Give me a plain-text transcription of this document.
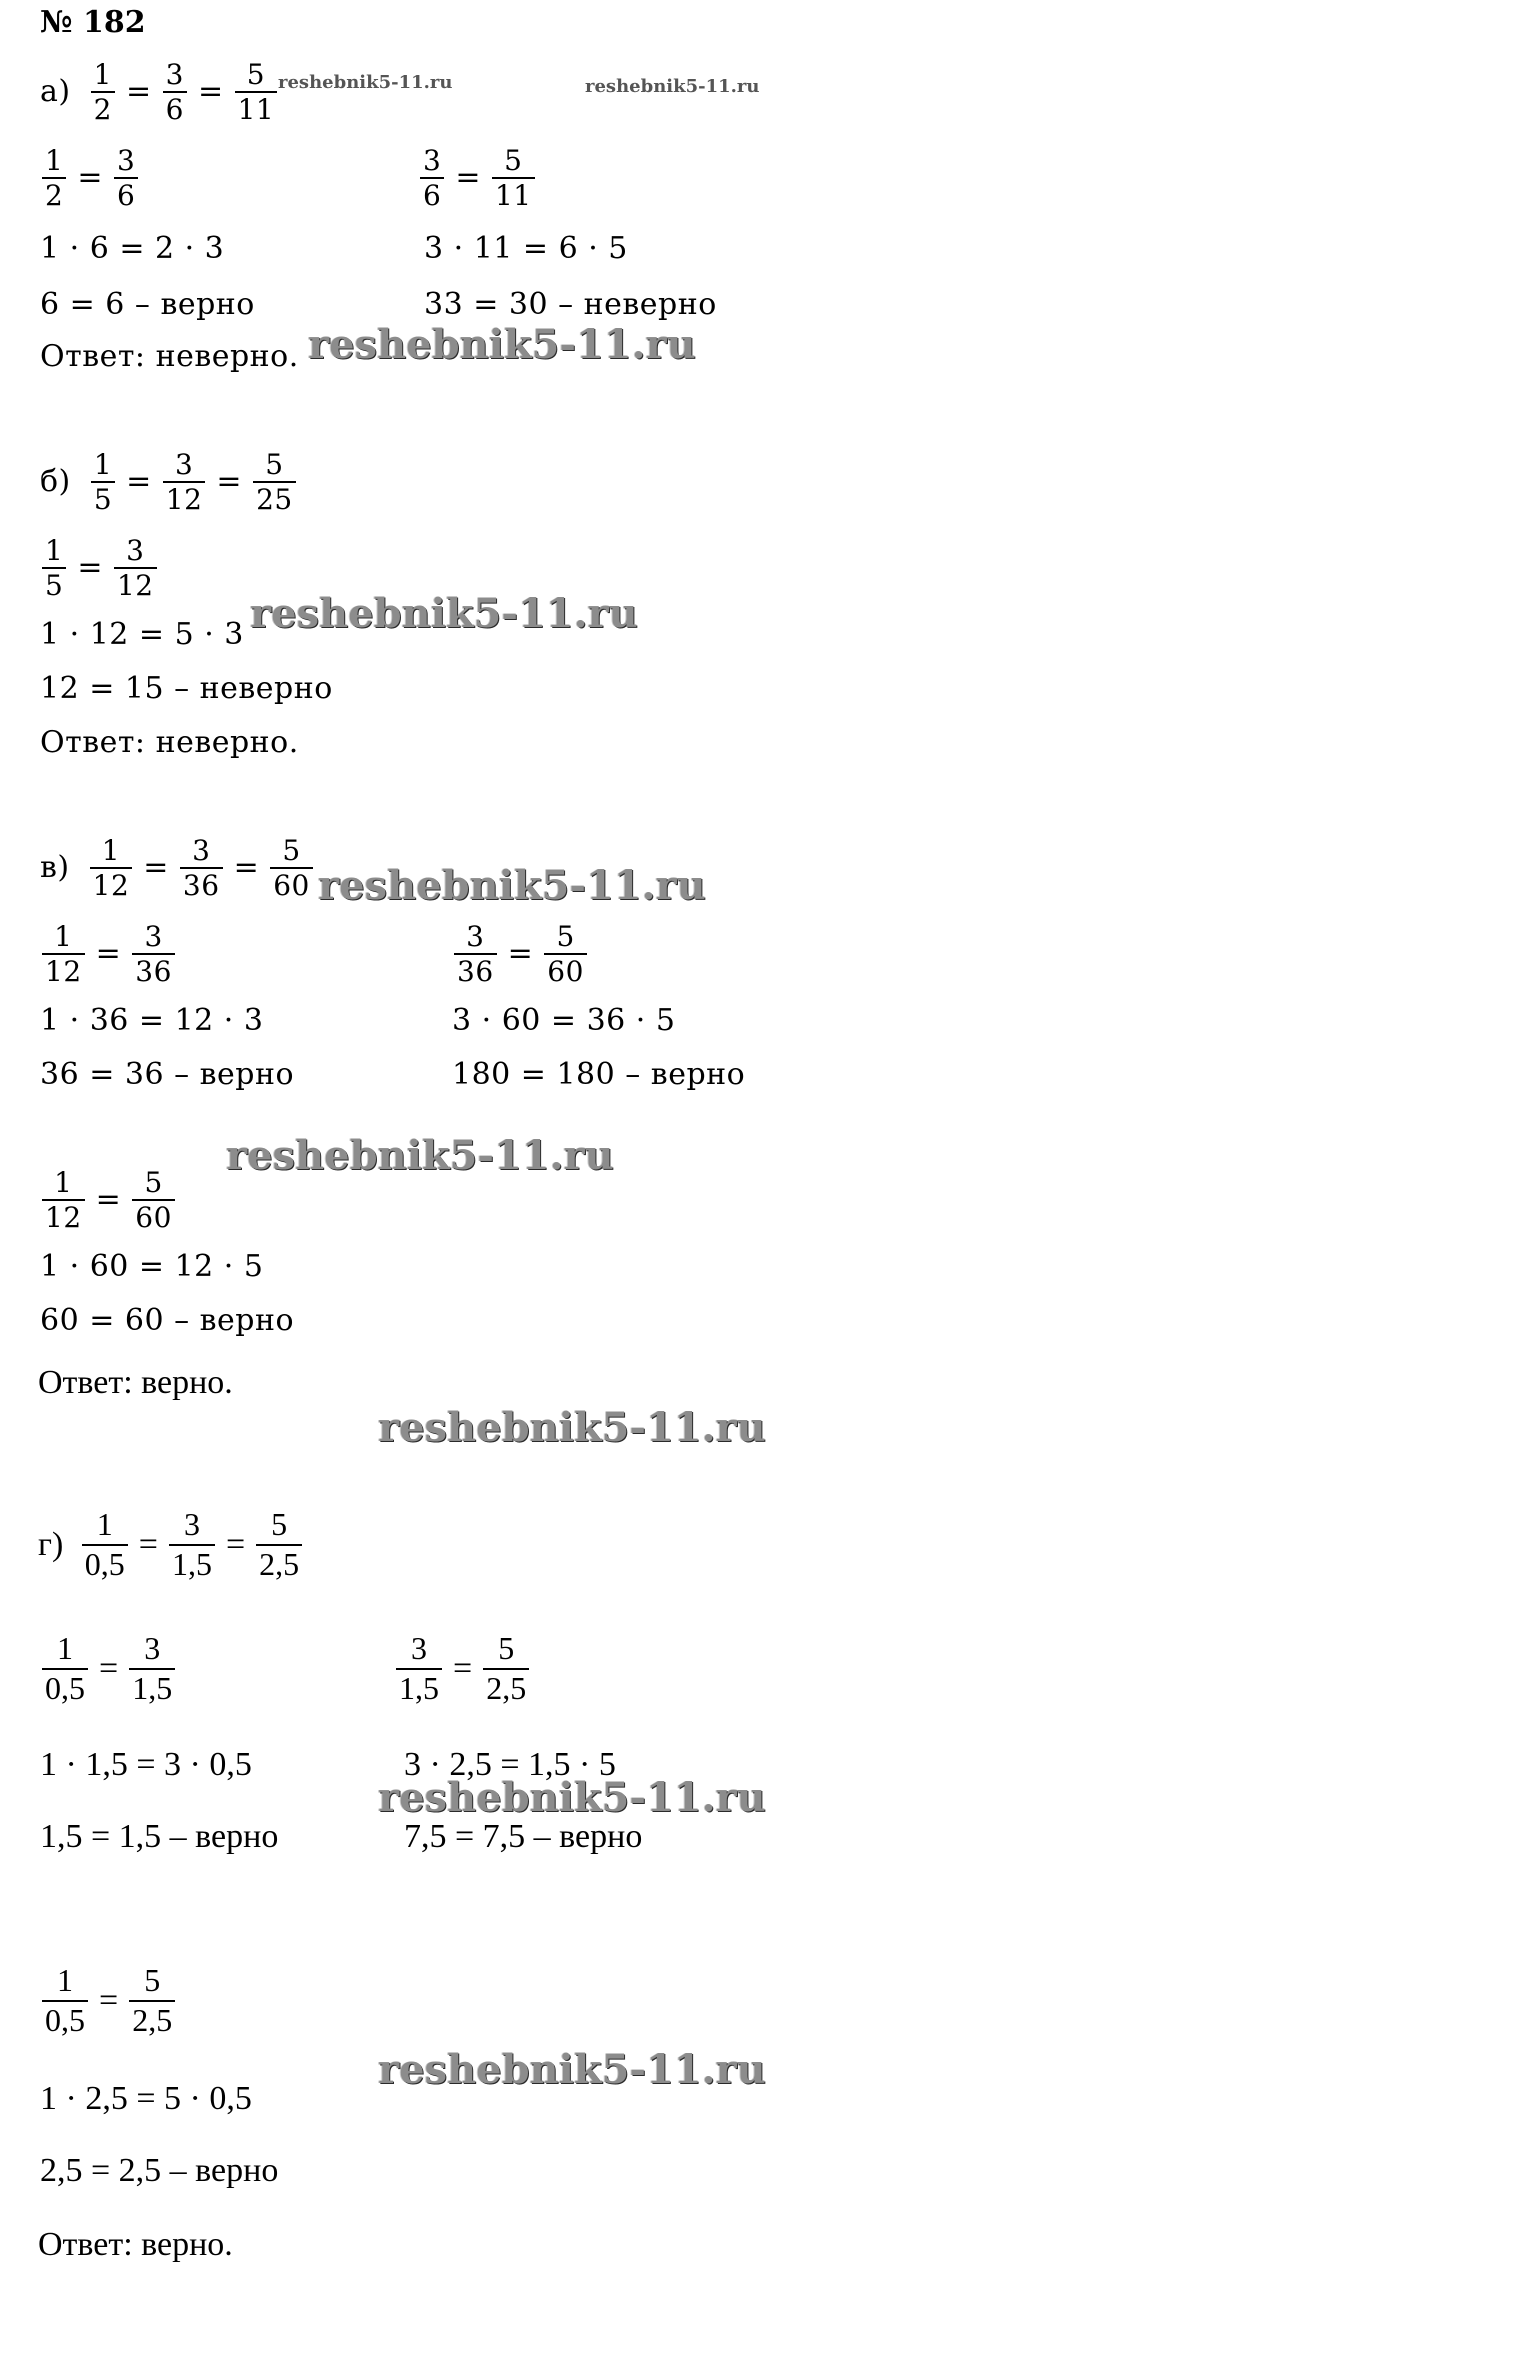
№ 182
$а) \frac{1}{2} = \frac{3}{6} = \frac{5}{11}$ reshebnik5-11.ru	reshebnik5-11.ru
$\frac{1}{2} = \frac{3}{6}$	$\frac{3}{6} = \frac{5}{11}$
1 · 6 = 2 · 3	3 · 11 = 6 · 5
6 = 6 – верно	33 = 30 – неверно
Ответ: неверно. reshebnik5-11.ru
$б) \frac{1}{5} = \frac{3}{12} = \frac{5}{25}$
$\frac{1}{5} = \frac{3}{12}$
1 · 12 = 5 · 3 reshebnik5-11.ru
12 = 15 – неверно
Ответ: неверно.
$в) \frac{1}{12} = \frac{3}{36} = \frac{5}{60}$ reshebnik5-11.ru
$\frac{1}{12} = \frac{3}{36}$	$\frac{3}{36} = \frac{5}{60}$
1 · 36 = 12 · 3	3 · 60 = 36 · 5
36 = 36 – верно	180 = 180 – верно
reshebnik5-11.ru
$\frac{1}{12} = \frac{5}{60}$
1 · 60 = 12 · 5
60 = 60 – верно
Ответ: верно.
reshebnik5-11.ru
$г) \frac{1}{0,5} = \frac{3}{1,5} = \frac{5}{2,5}$
$\frac{1}{0,5} = \frac{3}{1,5}$	$\frac{3}{1,5} = \frac{5}{2,5}$
1 · 1,5 = 3 · 0,5	3 · 2,5 = 1,5 · 5
reshebnik5-11.ru
1,5 = 1,5 – верно	7,5 = 7,5 – верно
$\frac{1}{0,5} = \frac{5}{2,5}$
reshebnik5-11.ru
1 · 2,5 = 5 · 0,5
2,5 = 2,5 – верно
Ответ: верно.
